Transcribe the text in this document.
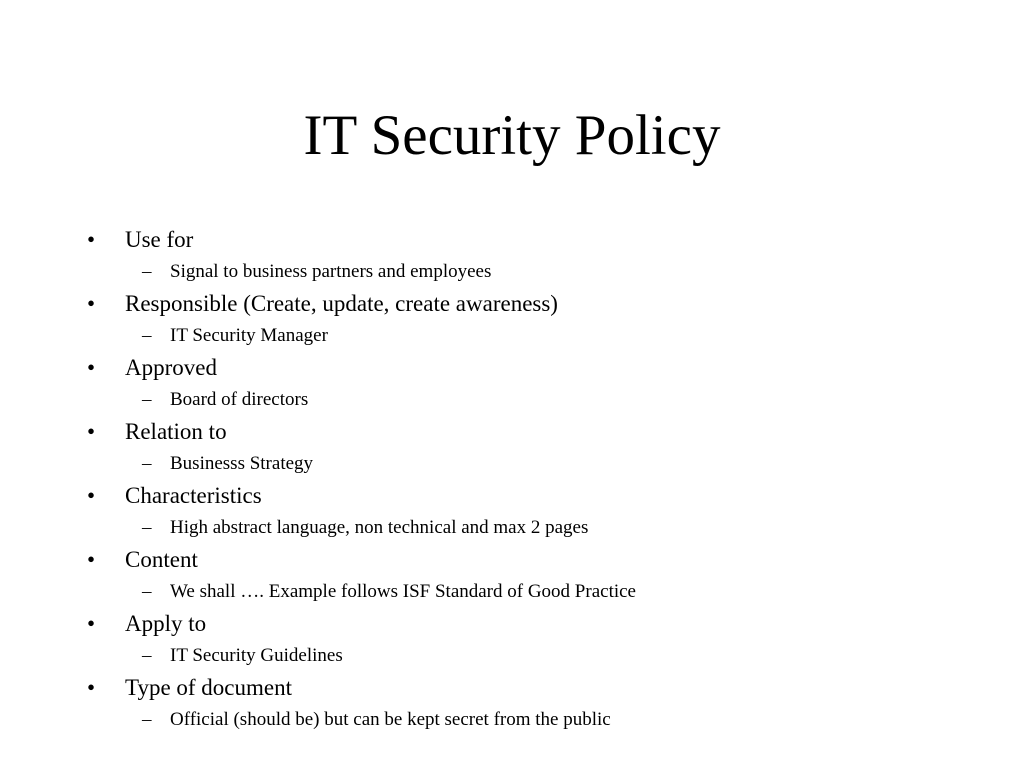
IT Security Policy
• Use for
– Signal to business partners and employees
• Responsible (Create, update, create awareness)
– IT Security Manager
• Approved
– Board of directors
• Relation to
– Businesss Strategy
• Characteristics
– High abstract language, non technical and max 2 pages
• Content
– We shall …. Example follows ISF Standard of Good Practice
• Apply to
– IT Security Guidelines
• Type of document
– Official (should be) but can be kept secret from the public
